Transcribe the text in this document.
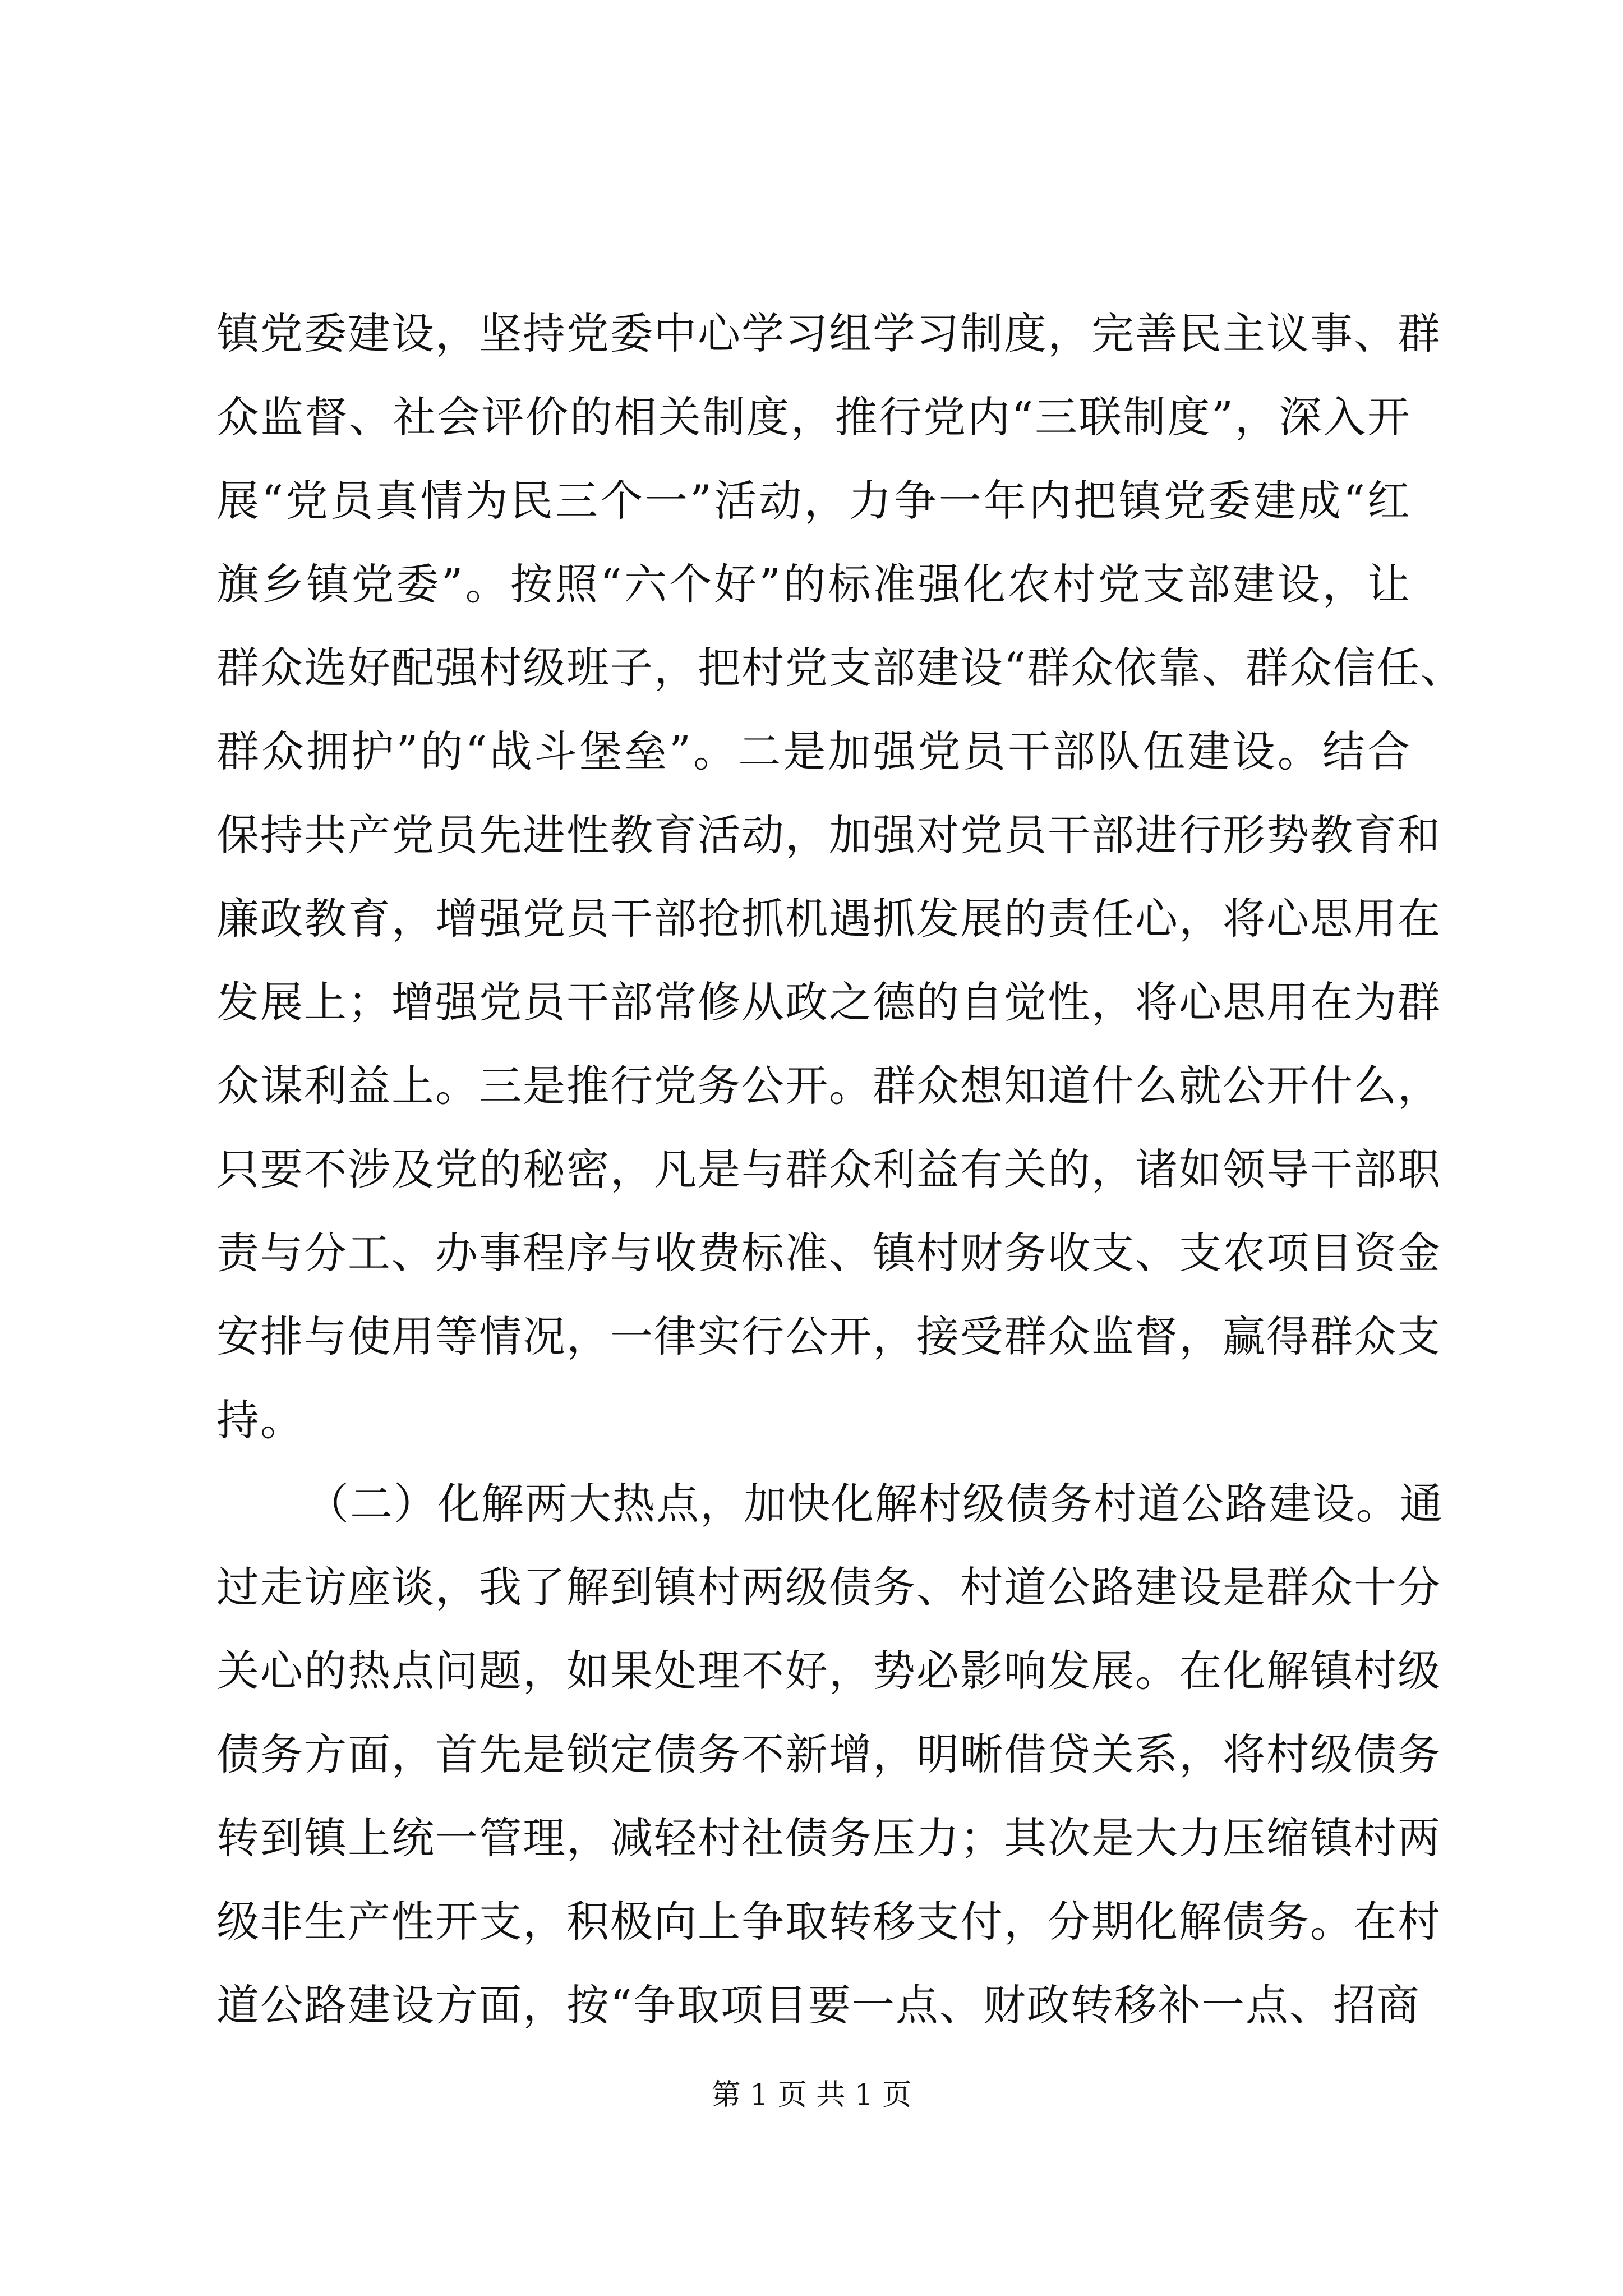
镇党委建设，坚持党委中心学习组学习制度，完善民主议事、群
众监督、社会评价的相关制度，推行党内“三联制度”，深入开
展“党员真情为民三个一”活动，力争一年内把镇党委建成“红
旗乡镇党委”。按照“六个好”的标准强化农村党支部建设，让
群众选好配强村级班子，把村党支部建设“群众依靠、群众信任、
群众拥护”的“战斗堡垒”。二是加强党员干部队伍建设。结合
保持共产党员先进性教育活动，加强对党员干部进行形势教育和
廉政教育，增强党员干部抢抓机遇抓发展的责任心，将心思用在
发展上；增强党员干部常修从政之德的自觉性，将心思用在为群
众谋利益上。三是推行党务公开。群众想知道什么就公开什么，
只要不涉及党的秘密，凡是与群众利益有关的，诸如领导干部职
责与分工、办事程序与收费标准、镇村财务收支、支农项目资金
安排与使用等情况，一律实行公开，接受群众监督，赢得群众支
持。
（二）化解两大热点，加快化解村级债务村道公路建设。通
过走访座谈，我了解到镇村两级债务、村道公路建设是群众十分
关心的热点问题，如果处理不好，势必影响发展。在化解镇村级
债务方面，首先是锁定债务不新增，明晰借贷关系，将村级债务
转到镇上统一管理，减轻村社债务压力；其次是大力压缩镇村两
级非生产性开支，积极向上争取转移支付，分期化解债务。在村
道公路建设方面，按“争取项目要一点、财政转移补一点、招商
第 1 页 共 1 页
